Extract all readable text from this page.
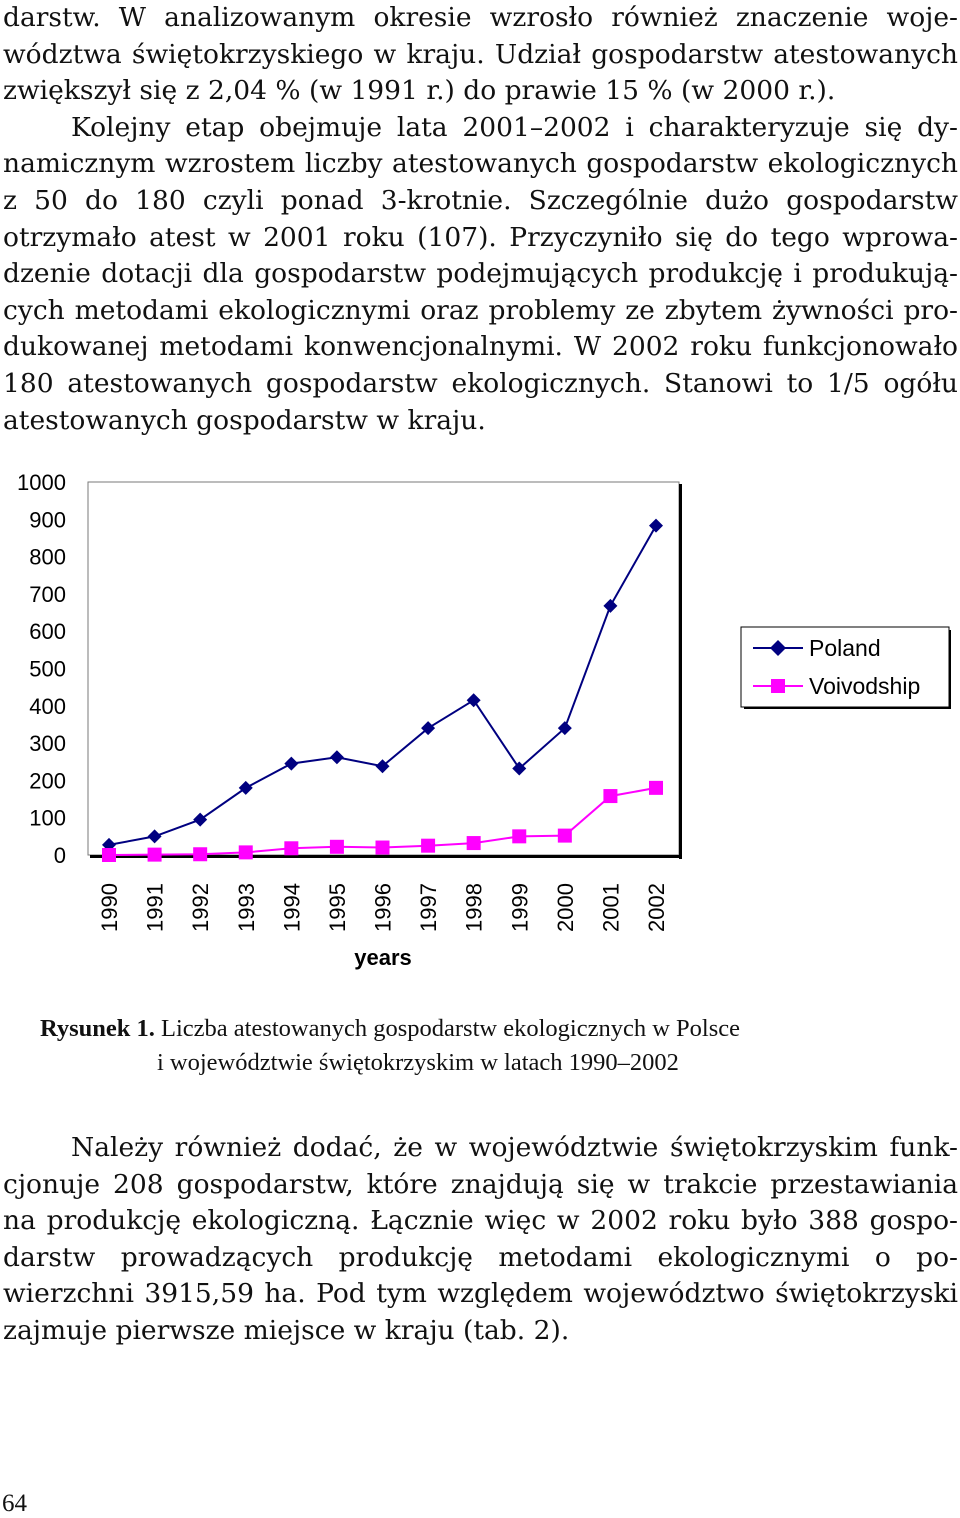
darstw. W analizowanym okresie wzrosło również znaczenie woje-
wództwa świętokrzyskiego w kraju. Udział gospodarstw atestowanych
zwiększył się z 2,04 % (w 1991 r.) do prawie 15 % (w 2000 r.).
Kolejny etap obejmuje lata 2001–2002 i charakteryzuje się dy-
namicznym wzrostem liczby atestowanych gospodarstw ekologicznych
z 50 do 180 czyli ponad 3-krotnie. Szczególnie dużo gospodarstw
otrzymało atest w 2001 roku (107). Przyczyniło się do tego wprowa-
dzenie dotacji dla gospodarstw podejmujących produkcję i produkują-
cych metodami ekologicznymi oraz problemy ze zbytem żywności pro-
dukowanej metodami konwencjonalnymi. W 2002 roku funkcjonowało
180 atestowanych gospodarstw ekologicznych. Stanowi to 1/5 ogółu
atestowanych gospodarstw w kraju.
0
100
200
300
400
500
600
700
800
900
1000
1990 1991 1992 1993 1994 1995 1996 1997 1998 1999 2000 2001 2002
years
Poland
Voivodship
Rysunek 1. Liczba atestowanych gospodarstw ekologicznych w Polsce
i województwie świętokrzyskim w latach 1990–2002
Należy również dodać, że w województwie świętokrzyskim funk-
cjonuje 208 gospodarstw, które znajdują się w trakcie przestawiania
na produkcję ekologiczną. Łącznie więc w 2002 roku było 388 gospo-
darstw prowadzących produkcję metodami ekologicznymi o po-
wierzchni 3915,59 ha. Pod tym względem województwo świętokrzyski
zajmuje pierwsze miejsce w kraju (tab. 2).
64
